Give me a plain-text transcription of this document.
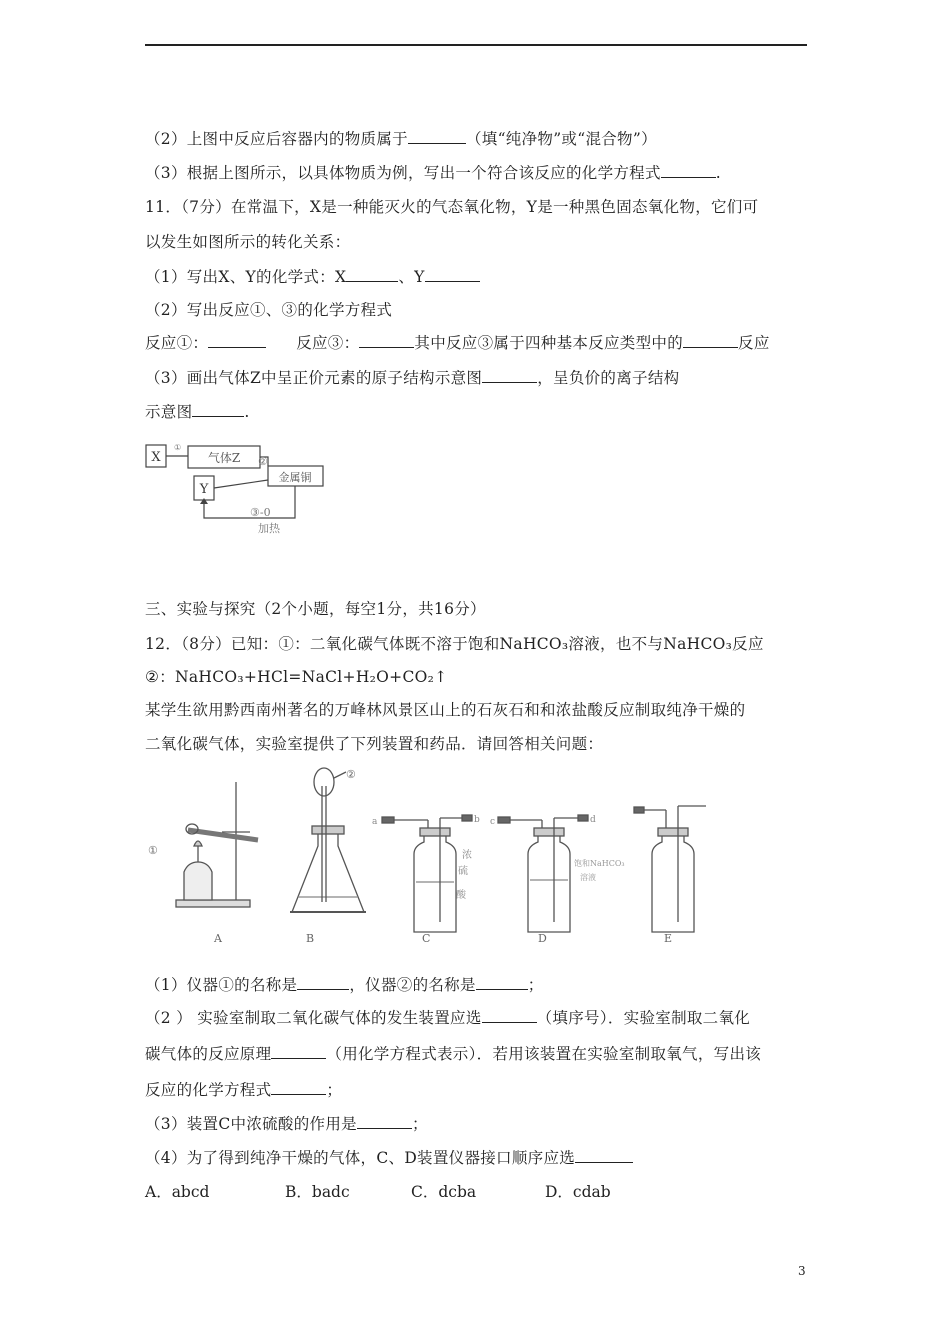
（2）上图中反应后容器内的物质属于	（填“纯净物”或“混合物”）
（3）根据上图所示，以具体物质为例，写出一个符合该反应的化学方程式	.
11．（7分）在常温下，X是一种能灭火的气态氧化物，Y是一种黑色固态氧化物，它们可
以发生如图所示的转化关系：
（1）写出X、Y的化学式：X	、Y
（2）写出反应①、③的化学方程式
反应①：	反应③：	其中反应③属于四种基本反应类型中的	反应
（3）画出气体Z中呈正价元素的原子结构示意图	，呈负价的离子结构
示意图	.
X	气体Z
金属铜
Y
①
②
③-0
加热
三、实验与探究（2个小题，每空1分，共16分）
12．（8分）已知：①：二氧化碳气体既不溶于饱和NaHCO₃溶液，也不与NaHCO₃反应
②：NaHCO₃+HCl=NaCl+H₂O+CO₂↑
某学生欲用黔西南州著名的万峰林风景区山上的石灰石和和浓盐酸反应制取纯净干燥的
二氧化碳气体，实验室提供了下列装置和药品．请回答相关问题：
①
②
浓
硫
酸
饱和NaHCO₃
溶液
a	b c	d
A	B	C	D	E
（1）仪器①的名称是	，仪器②的名称是	；
（2 ） 实验室制取二氧化碳气体的发生装置应选	（填序号）．实验室制取二氧化
碳气体的反应原理	（用化学方程式表示）．若用该装置在实验室制取氧气，写出该
反应的化学方程式	；
（3）装置C中浓硫酸的作用是	；
（4）为了得到纯净干燥的气体，C、D装置仪器接口顺序应选
A．abcd	B．badc	C．dcba	D．cdab
3
